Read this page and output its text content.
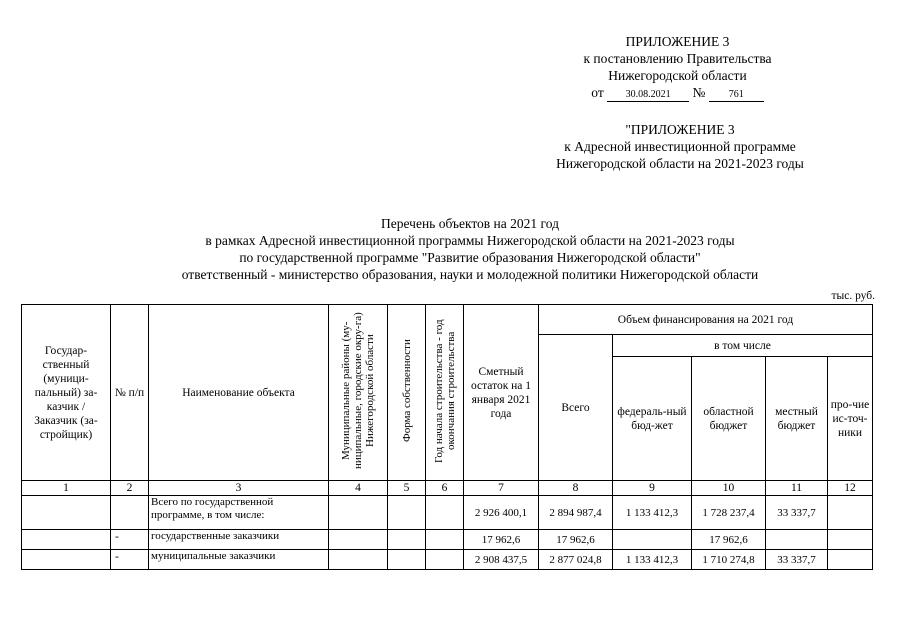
ПРИЛОЖЕНИЕ 3
к постановлению Правительства
Нижегородской области
от 30.08.2021 № 761
"ПРИЛОЖЕНИЕ 3
к Адресной инвестиционной программе
Нижегородской области на 2021-2023 годы
Перечень объектов на 2021 год
в рамках Адресной инвестиционной программы Нижегородской области на 2021-2023 годы
по государственной программе "Развитие образования Нижегородской области"
ответственный - министерство образования, науки и молодежной политики Нижегородской области
тыс. руб.
Государ-ственный (муници-пальный) за-казчик / Заказчик (за-стройщик)	№ п/п	Наименование объекта	Муниципальные районы (му-ниципальные, городские окру-га) Нижегородской области	Форма собственности	Год начала строительства - год окончания строительства	Сметный остаток на 1 января 2021 года	Объем финансирования на 2021 год				
							Всего	в том числе			
								федераль-ный бюд-жет	областной бюджет	местный бюджет	про-чие ис-точ-ники
1	2	3	4	5	6	7	8	9	10	11	12
		Всего по государственной программе, в том числе:				2 926 400,1	2 894 987,4	1 133 412,3	1 728 237,4	33 337,7	
	-	государственные заказчики				17 962,6	17 962,6		17 962,6		
	-	муниципальные заказчики				2 908 437,5	2 877 024,8	1 133 412,3	1 710 274,8	33 337,7	
